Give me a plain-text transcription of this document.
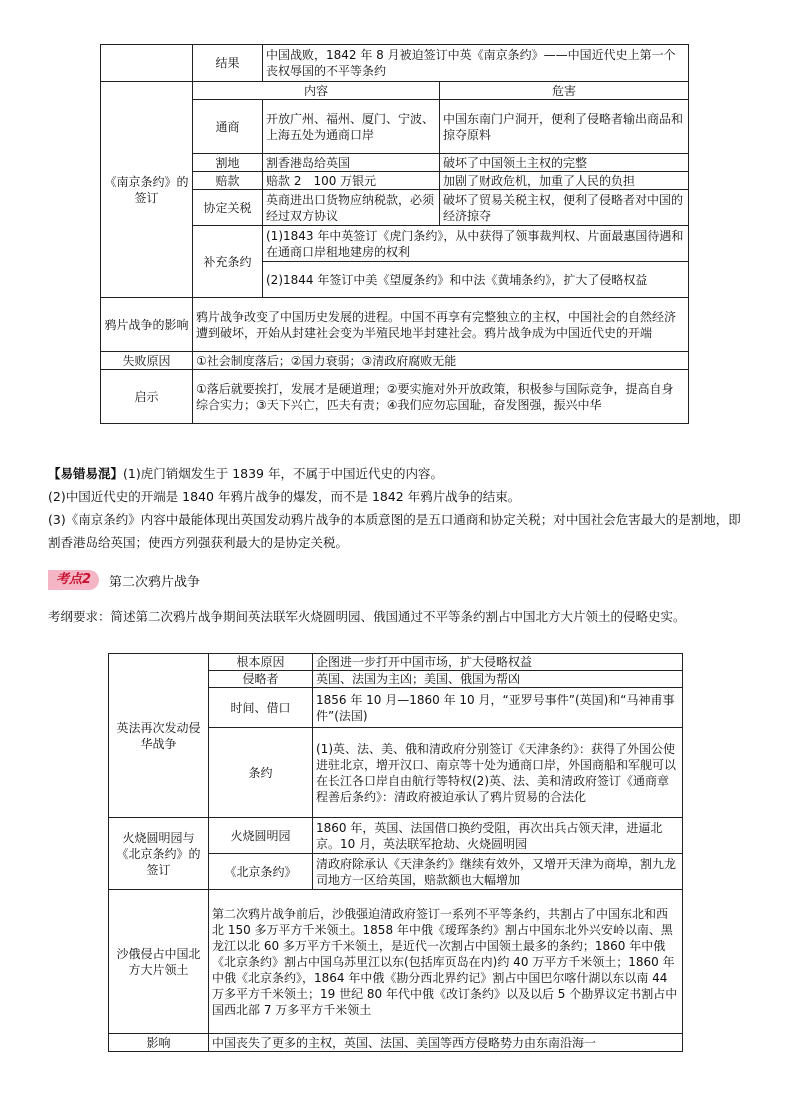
	结果	中国战败，1842 年 8 月被迫签订中英《南京条约》——中国近代史上第一个丧权辱国的不平等条约	
《南京条约》的签订	内容		危害
	通商	开放广州、福州、厦门、宁波、上海五处为通商口岸	中国东南门户洞开，便利了侵略者输出商品和掠夺原料
	割地	割香港岛给英国	破坏了中国领土主权的完整
	赔款	赔款 2　100 万银元	加剧了财政危机，加重了人民的负担
	协定关税	英商进出口货物应纳税款，必须经过双方协议	破坏了贸易关税主权，便利了侵略者对中国的经济掠夺
	补充条约	(1)1843 年中英签订《虎门条约》，从中获得了领事裁判权、片面最惠国待遇和在通商口岸租地建房的权利	
		(2)1844 年签订中美《望厦条约》和中法《黄埔条约》，扩大了侵略权益	
鸦片战争的影响	鸦片战争改变了中国历史发展的进程。中国不再享有完整独立的主权，中国社会的自然经济遭到破坏，开始从封建社会变为半殖民地半封建社会。鸦片战争成为中国近代史的开端		
失败原因	①社会制度落后；②国力衰弱；③清政府腐败无能		
启示	①落后就要挨打，发展才是硬道理；②要实施对外开放政策，积极参与国际竞争，提高自身综合实力；③天下兴亡，匹夫有责；④我们应勿忘国耻，奋发图强，振兴中华		

【易错易混】(1)虎门销烟发生于 1839 年，不属于中国近代史的内容。

(2)中国近代史的开端是 1840 年鸦片战争的爆发，而不是 1842 年鸦片战争的结束。

(3)《南京条约》内容中最能体现出英国发动鸦片战争的本质意图的是五口通商和协定关税；对中国社会危害最大的是割地，即割香港岛给英国；使西方列强获利最大的是协定关税。

考点2	第二次鸦片战争
考纲要求：简述第二次鸦片战争期间英法联军火烧圆明园、俄国通过不平等条约割占中国北方大片领土的侵略史实。
英法再次发动侵华战争	根本原因	企图进一步打开中国市场，扩大侵略权益
	侵略者	英国、法国为主凶；美国、俄国为帮凶
	时间、借口	1856 年 10 月—1860 年 10 月，“亚罗号事件”(英国)和“马神甫事件”(法国)
	条约	(1)英、法、美、俄和清政府分别签订《天津条约》：获得了外国公使进驻北京，增开汉口、南京等十处为通商口岸，外国商船和军舰可以在长江各口岸自由航行等特权(2)英、法、美和清政府签订《通商章程善后条约》：清政府被迫承认了鸦片贸易的合法化
火烧圆明园与《北京条约》的签订	火烧圆明园	1860 年，英国、法国借口换约受阻，再次出兵占领天津，进逼北京。10 月，英法联军抢劫、火烧圆明园
	《北京条约》	清政府除承认《天津条约》继续有效外，又增开天津为商埠，割九龙司地方一区给英国，赔款额也大幅增加
沙俄侵占中国北方大片领土	第二次鸦片战争前后，沙俄强迫清政府签订一系列不平等条约，共割占了中国东北和西北 150 多万平方千米领土。1858 年中俄《瑷珲条约》割占中国东北外兴安岭以南、黑龙江以北 60 多万平方千米领土，是近代一次割占中国领土最多的条约；1860 年中俄《北京条约》割占中国乌苏里江以东(包括库页岛在内)约 40 万平方千米领土；1860 年中俄《北京条约》，1864 年中俄《勘分西北界约记》割占中国巴尔喀什湖以东以南 44 万多平方千米领土；19 世纪 80 年代中俄《改订条约》以及以后 5 个勘界议定书割占中国西北部 7 万多平方千米领土	
影响	中国丧失了更多的主权，英国、法国、美国等西方侵略势力由东南沿海一	
